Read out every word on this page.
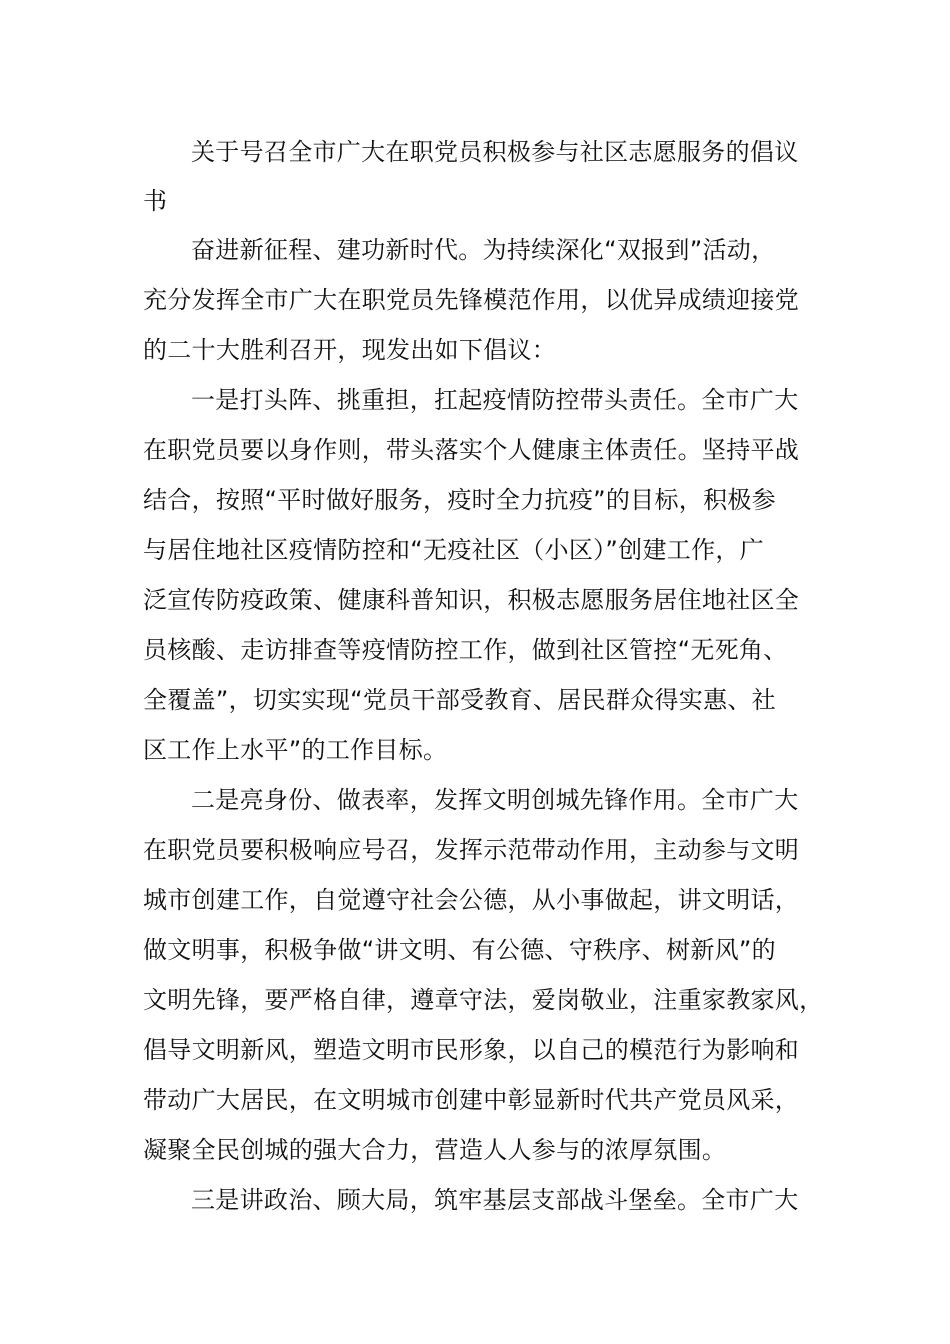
关于号召全市广大在职党员积极参与社区志愿服务的倡议
书
奋进新征程、建功新时代。为持续深化“双报到”活动，
充分发挥全市广大在职党员先锋模范作用，以优异成绩迎接党
的二十大胜利召开，现发出如下倡议：
一是打头阵、挑重担，扛起疫情防控带头责任。全市广大
在职党员要以身作则，带头落实个人健康主体责任。坚持平战
结合，按照“平时做好服务，疫时全力抗疫”的目标，积极参
与居住地社区疫情防控和“无疫社区（小区）”创建工作，广
泛宣传防疫政策、健康科普知识，积极志愿服务居住地社区全
员核酸、走访排查等疫情防控工作，做到社区管控“无死角、
全覆盖”，切实实现“党员干部受教育、居民群众得实惠、社
区工作上水平”的工作目标。
二是亮身份、做表率，发挥文明创城先锋作用。全市广大
在职党员要积极响应号召，发挥示范带动作用，主动参与文明
城市创建工作，自觉遵守社会公德，从小事做起，讲文明话，
做文明事，积极争做“讲文明、有公德、守秩序、树新风”的
文明先锋，要严格自律，遵章守法，爱岗敬业，注重家教家风，
倡导文明新风，塑造文明市民形象，以自己的模范行为影响和
带动广大居民，在文明城市创建中彰显新时代共产党员风采，
凝聚全民创城的强大合力，营造人人参与的浓厚氛围。
三是讲政治、顾大局，筑牢基层支部战斗堡垒。全市广大
